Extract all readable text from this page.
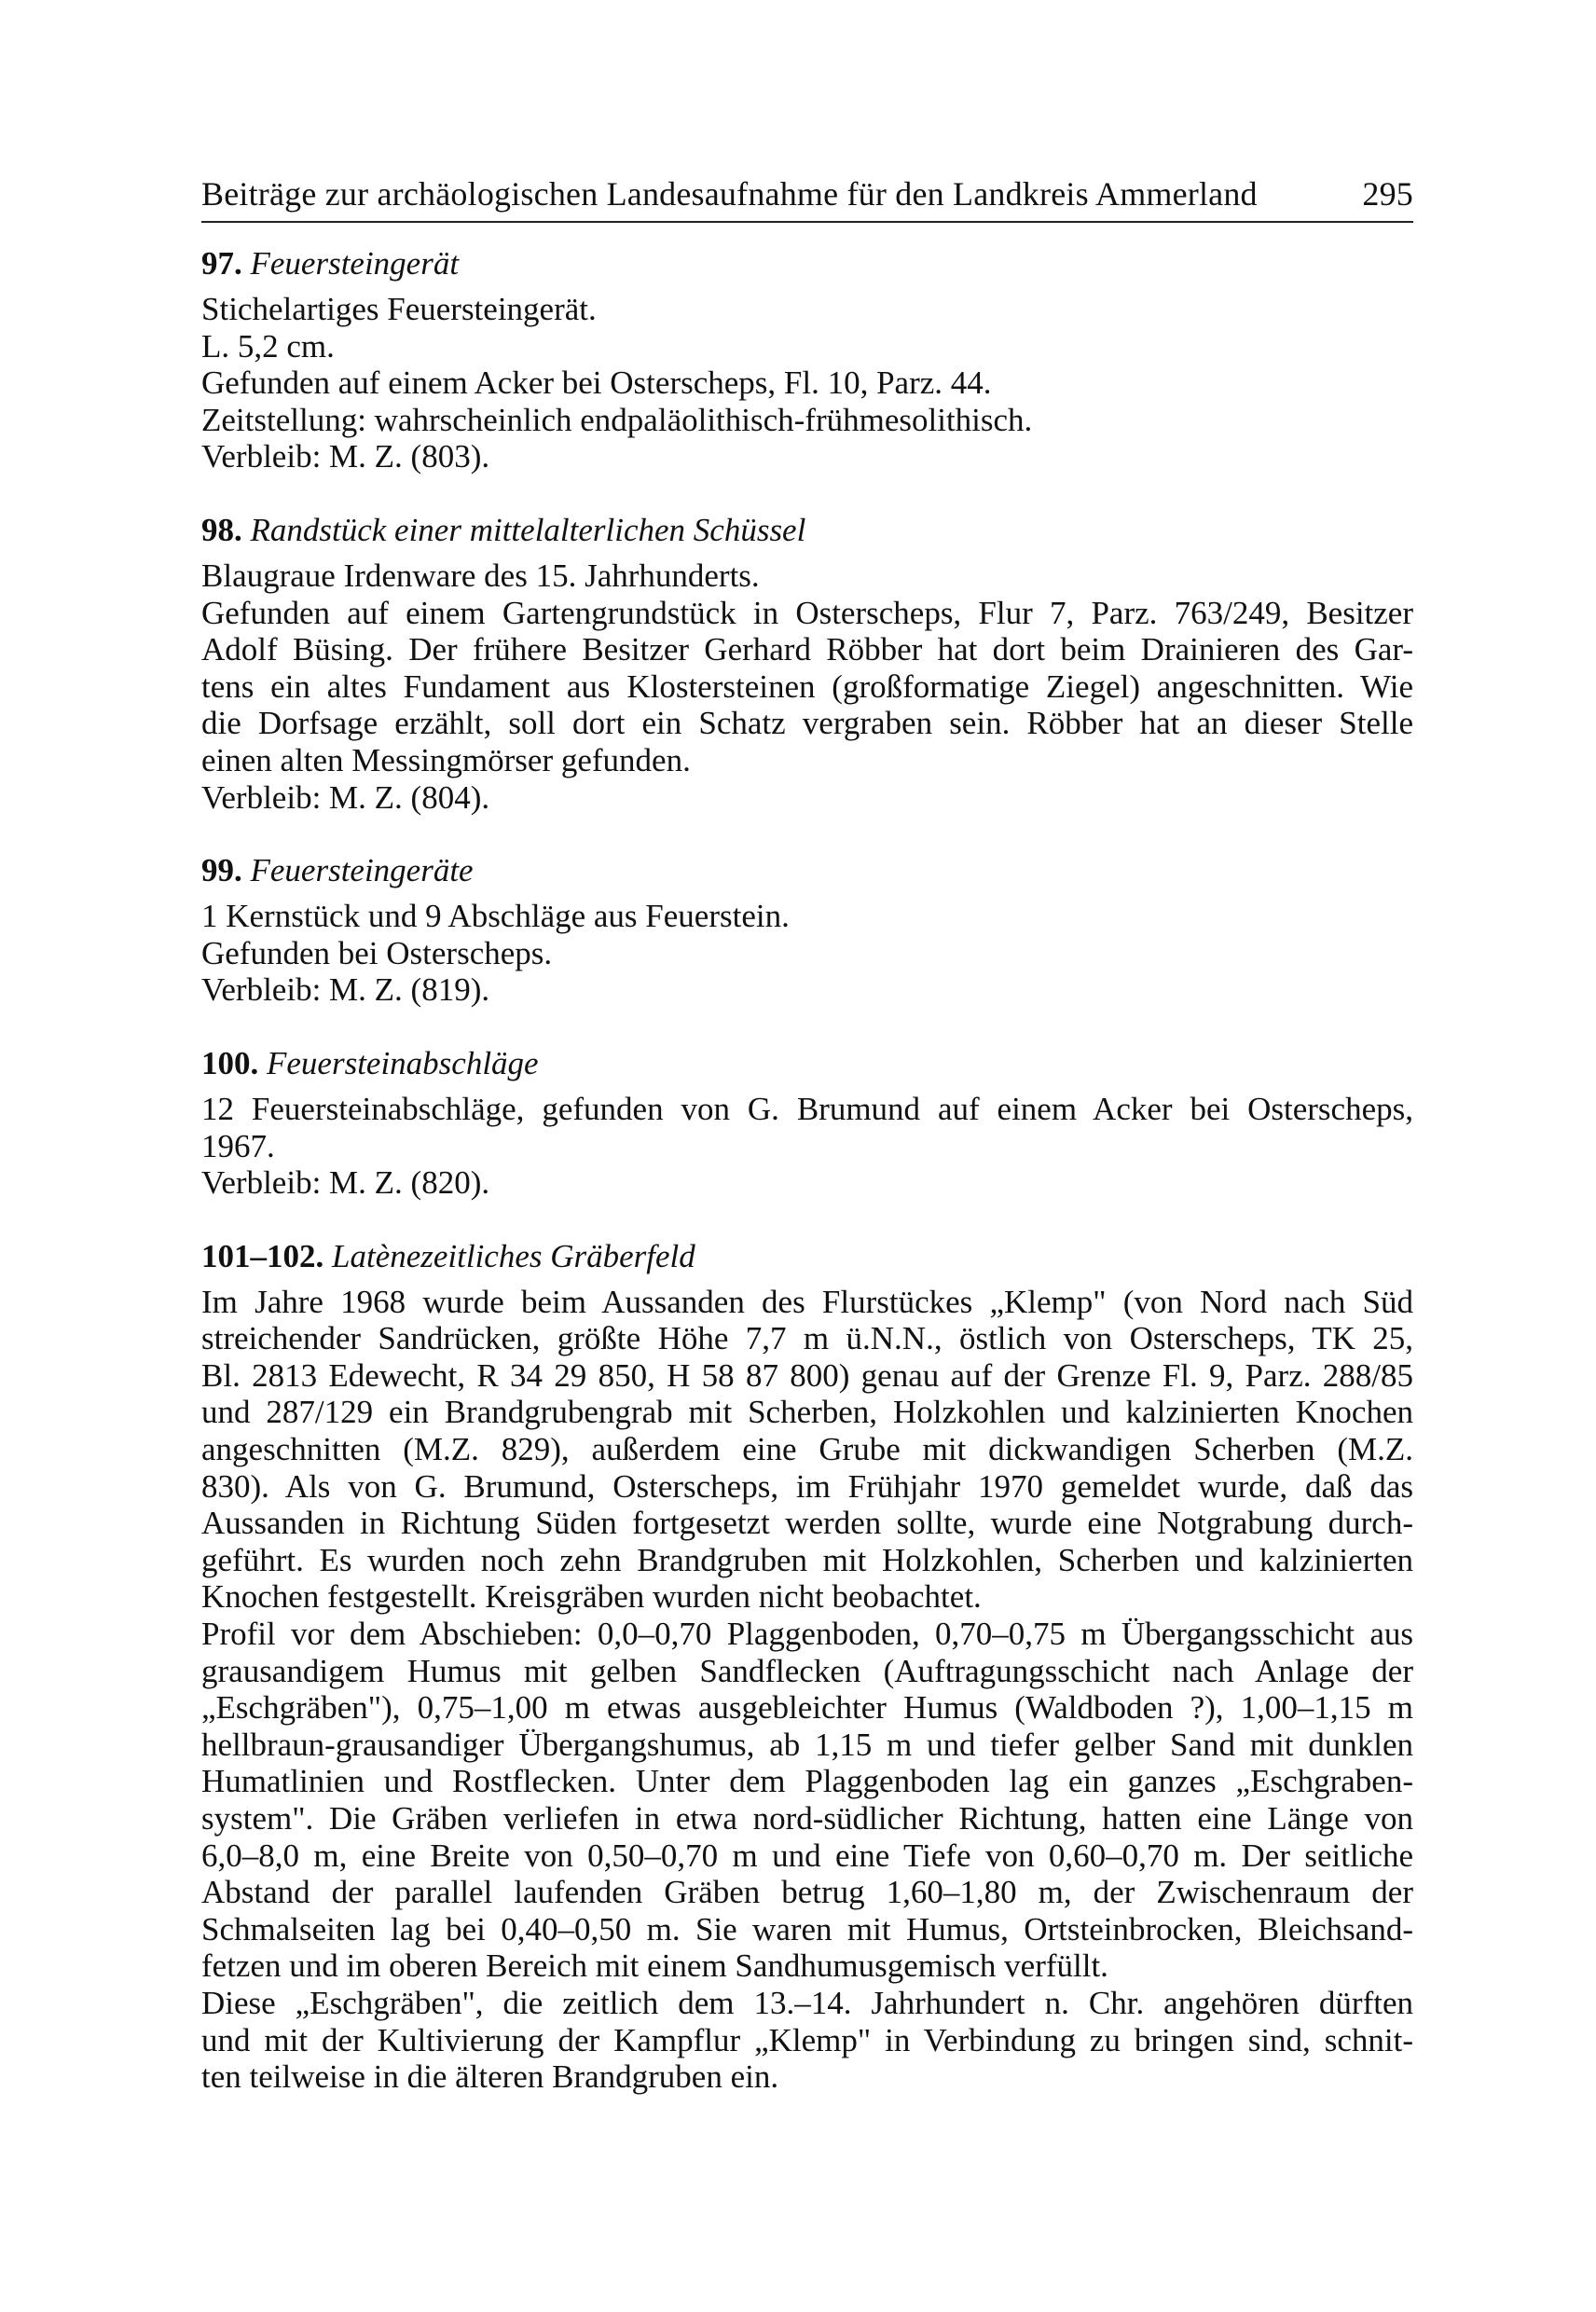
Beiträge zur archäologischen Landesaufnahme für den Landkreis Ammerland	295
97. Feuersteingerät
Stichelartiges Feuersteingerät.
L. 5,2 cm.
Gefunden auf einem Acker bei Osterscheps, Fl. 10, Parz. 44.
Zeitstellung: wahrscheinlich endpaläolithisch-frühmesolithisch.
Verbleib: M. Z. (803).
98. Randstück einer mittelalterlichen Schüssel
Blaugraue Irdenware des 15. Jahrhunderts.
Gefunden auf einem Gartengrundstück in Osterscheps, Flur 7, Parz. 763/249, Besitzer
Adolf Büsing. Der frühere Besitzer Gerhard Röbber hat dort beim Drainieren des Gar-
tens ein altes Fundament aus Klostersteinen (großformatige Ziegel) angeschnitten. Wie
die Dorfsage erzählt, soll dort ein Schatz vergraben sein. Röbber hat an dieser Stelle
einen alten Messingmörser gefunden.
Verbleib: M. Z. (804).
99. Feuersteingeräte
1 Kernstück und 9 Abschläge aus Feuerstein.
Gefunden bei Osterscheps.
Verbleib: M. Z. (819).
100. Feuersteinabschläge
12 Feuersteinabschläge, gefunden von G. Brumund auf einem Acker bei Osterscheps,
1967.
Verbleib: M. Z. (820).
101–102. Latènezeitliches Gräberfeld
Im Jahre 1968 wurde beim Aussanden des Flurstückes „Klemp" (von Nord nach Süd
streichender Sandrücken, größte Höhe 7,7 m ü.N.N., östlich von Osterscheps, TK 25,
Bl. 2813 Edewecht, R 34 29 850, H 58 87 800) genau auf der Grenze Fl. 9, Parz. 288/85
und 287/129 ein Brandgrubengrab mit Scherben, Holzkohlen und kalzinierten Knochen
angeschnitten (M.Z. 829), außerdem eine Grube mit dickwandigen Scherben (M.Z.
830). Als von G. Brumund, Osterscheps, im Frühjahr 1970 gemeldet wurde, daß das
Aussanden in Richtung Süden fortgesetzt werden sollte, wurde eine Notgrabung durch-
geführt. Es wurden noch zehn Brandgruben mit Holzkohlen, Scherben und kalzinierten
Knochen festgestellt. Kreisgräben wurden nicht beobachtet.
Profil vor dem Abschieben: 0,0–0,70 Plaggenboden, 0,70–0,75 m Übergangsschicht aus
grausandigem Humus mit gelben Sandflecken (Auftragungsschicht nach Anlage der
„Eschgräben"), 0,75–1,00 m etwas ausgebleichter Humus (Waldboden ?), 1,00–1,15 m
hellbraun-grausandiger Übergangshumus, ab 1,15 m und tiefer gelber Sand mit dunklen
Humatlinien und Rostflecken. Unter dem Plaggenboden lag ein ganzes „Eschgraben-
system". Die Gräben verliefen in etwa nord-südlicher Richtung, hatten eine Länge von
6,0–8,0 m, eine Breite von 0,50–0,70 m und eine Tiefe von 0,60–0,70 m. Der seitliche
Abstand der parallel laufenden Gräben betrug 1,60–1,80 m, der Zwischenraum der
Schmalseiten lag bei 0,40–0,50 m. Sie waren mit Humus, Ortsteinbrocken, Bleichsand-
fetzen und im oberen Bereich mit einem Sandhumusgemisch verfüllt.
Diese „Eschgräben", die zeitlich dem 13.–14. Jahrhundert n. Chr. angehören dürften
und mit der Kultivierung der Kampflur „Klemp" in Verbindung zu bringen sind, schnit-
ten teilweise in die älteren Brandgruben ein.
